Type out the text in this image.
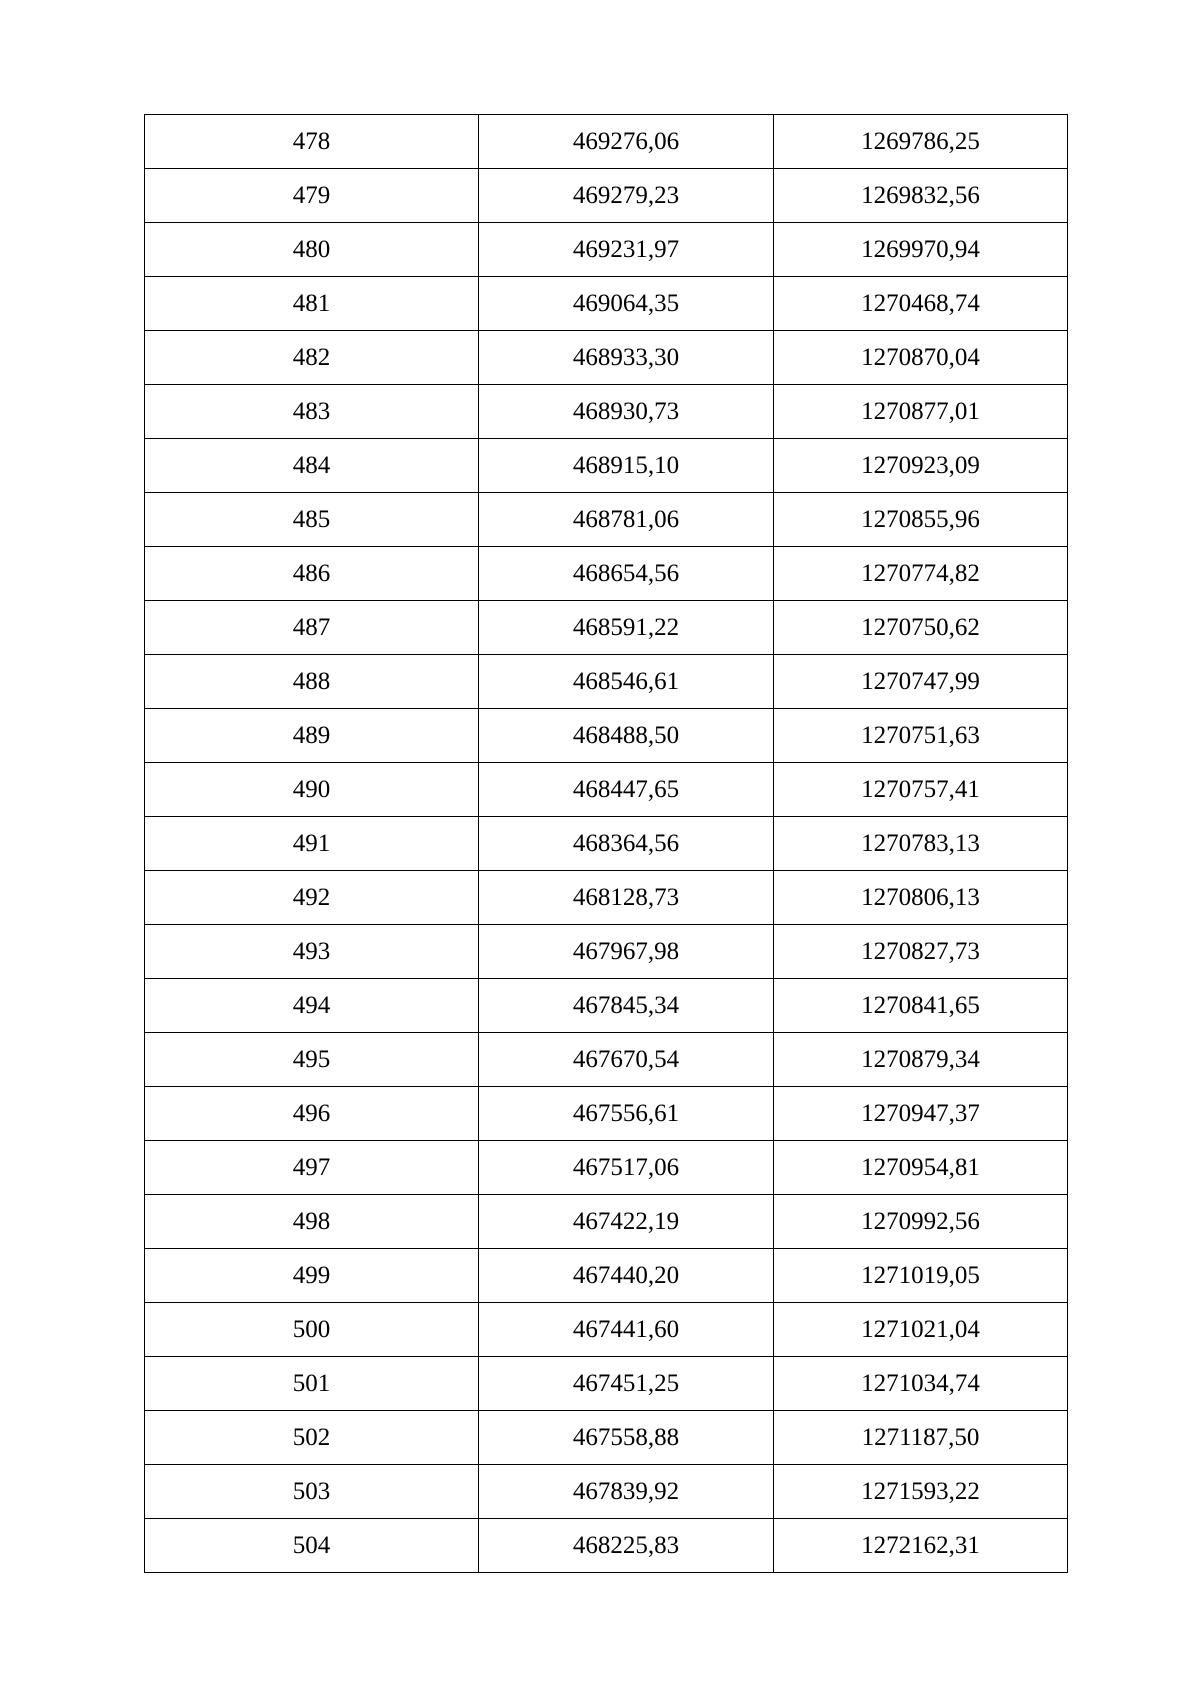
478	469276,06	1269786,25
479	469279,23	1269832,56
480	469231,97	1269970,94
481	469064,35	1270468,74
482	468933,30	1270870,04
483	468930,73	1270877,01
484	468915,10	1270923,09
485	468781,06	1270855,96
486	468654,56	1270774,82
487	468591,22	1270750,62
488	468546,61	1270747,99
489	468488,50	1270751,63
490	468447,65	1270757,41
491	468364,56	1270783,13
492	468128,73	1270806,13
493	467967,98	1270827,73
494	467845,34	1270841,65
495	467670,54	1270879,34
496	467556,61	1270947,37
497	467517,06	1270954,81
498	467422,19	1270992,56
499	467440,20	1271019,05
500	467441,60	1271021,04
501	467451,25	1271034,74
502	467558,88	1271187,50
503	467839,92	1271593,22
504	468225,83	1272162,31
